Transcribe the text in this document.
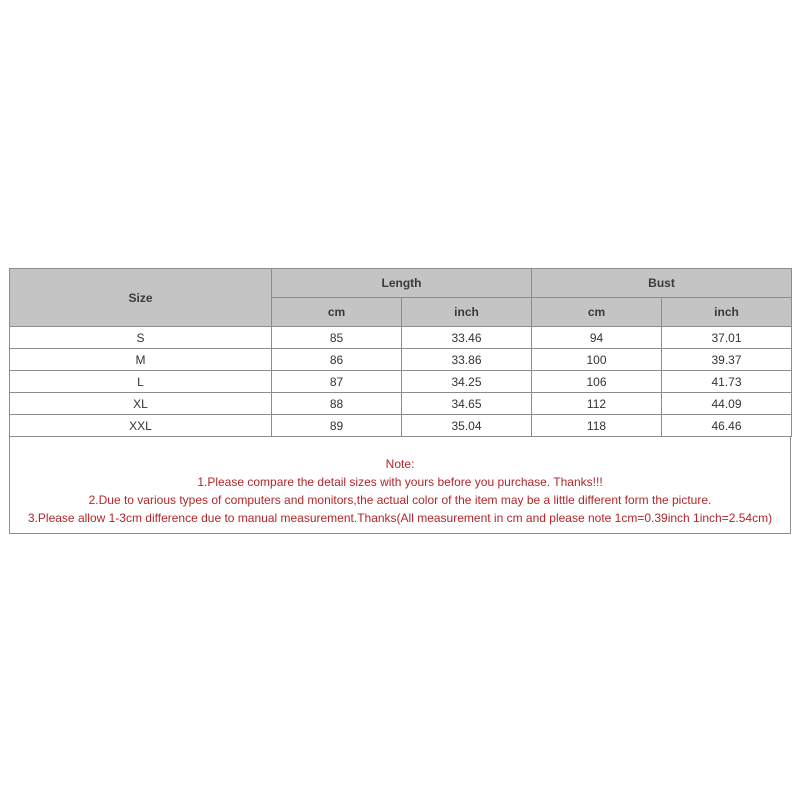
Size	Length		Bust	
	cm	inch	cm	inch
S	85	33.46	94	37.01
M	86	33.86	100	39.37
L	87	34.25	106	41.73
XL	88	34.65	112	44.09
XXL	89	35.04	118	46.46
Note:
1.Please compare the detail sizes with yours before you purchase. Thanks!!!
2.Due to various types of computers and monitors,the actual color of the item may be a little different form the picture.
3.Please allow 1-3cm difference due to manual measurement.Thanks(All measurement in cm and please note 1cm=0.39inch 1inch=2.54cm)
